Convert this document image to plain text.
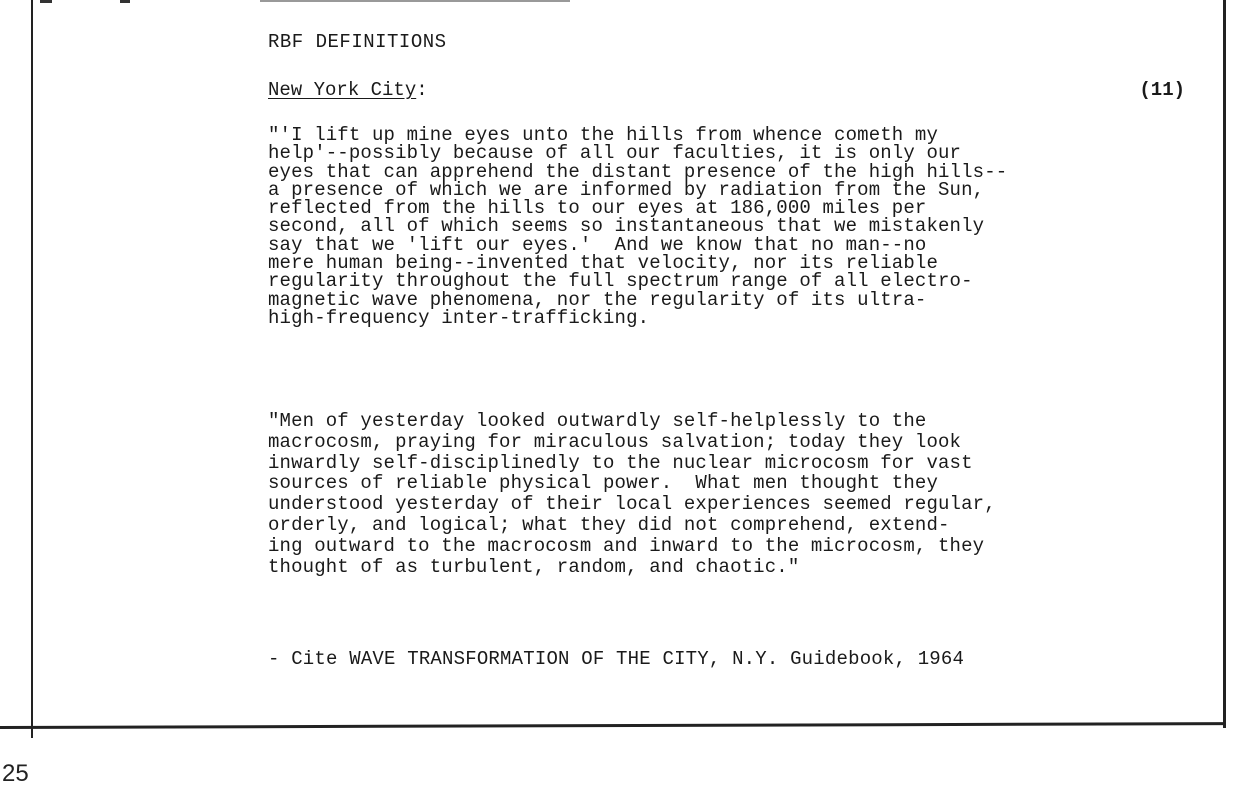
RBF DEFINITIONS
New York City:	(11)

"'I lift up mine eyes unto the hills from whence cometh my
help'--possibly because of all our faculties, it is only our
eyes that can apprehend the distant presence of the high hills--
a presence of which we are informed by radiation from the Sun,
reflected from the hills to our eyes at 186,000 miles per
second, all of which seems so instantaneous that we mistakenly
say that we 'lift our eyes.'  And we know that no man--no
mere human being--invented that velocity, nor its reliable
regularity throughout the full spectrum range of all electro-
magnetic wave phenomena, nor the regularity of its ultra-
high-frequency inter-trafficking.

"Men of yesterday looked outwardly self-helplessly to the
macrocosm, praying for miraculous salvation; today they look
inwardly self-disciplinedly to the nuclear microcosm for vast
sources of reliable physical power.  What men thought they
understood yesterday of their local experiences seemed regular,
orderly, and logical; what they did not comprehend, extend-
ing outward to the macrocosm and inward to the microcosm, they
thought of as turbulent, random, and chaotic."

- Cite WAVE TRANSFORMATION OF THE CITY, N.Y. Guidebook, 1964
25
